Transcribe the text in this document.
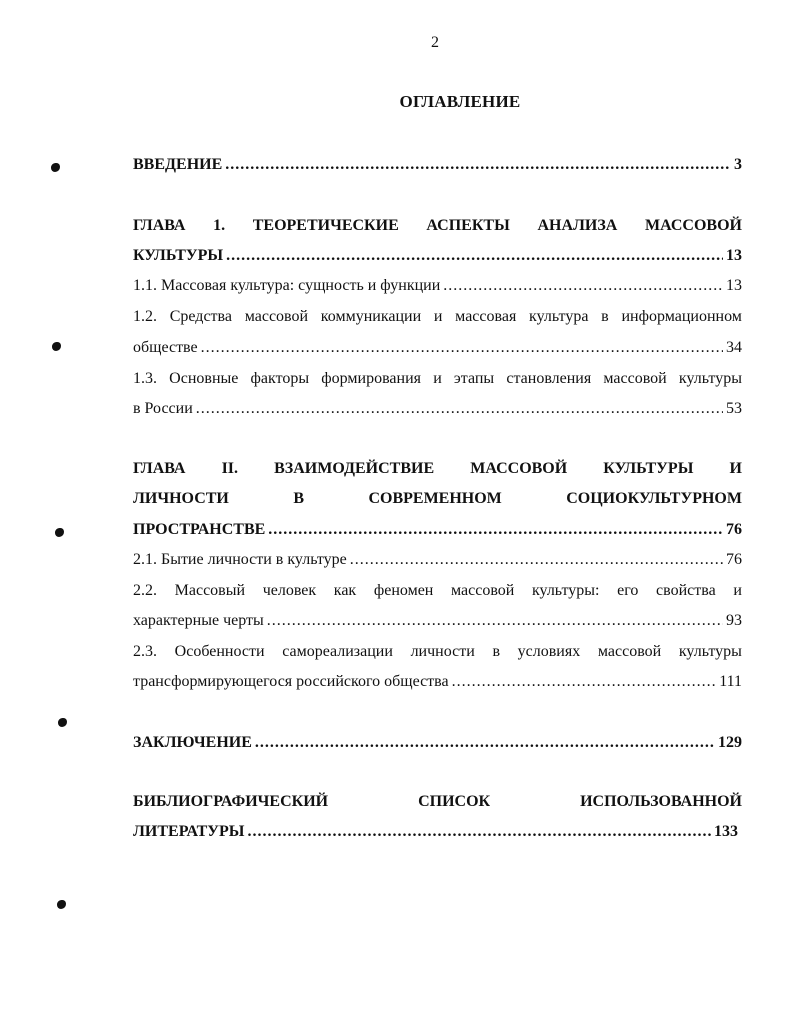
2
ОГЛАВЛЕНИЕ
ВВЕДЕНИЕ .....	3
ГЛАВА 1. ТЕОРЕТИЧЕСКИЕ АСПЕКТЫ АНАЛИЗА МАССОВОЙ
КУЛЬТУРЫ .....	13
1.1. Массовая культура: сущность и функции .....	13
1.2. Средства массовой коммуникации и массовая культура в информационном
обществе .....	34
1.3. Основные факторы формирования и этапы становления массовой культуры
в России .....	53
ГЛАВА II. ВЗАИМОДЕЙСТВИЕ МАССОВОЙ КУЛЬТУРЫ И
ЛИЧНОСТИ	В	СОВРЕМЕННОМ	СОЦИОКУЛЬТУРНОМ
ПРОСТРАНСТВЕ .....	76
2.1. Бытие личности в культуре .....	76
2.2. Массовый человек как феномен массовой культуры: его свойства и
характерные черты .....	93
2.3. Особенности самореализации личности в условиях массовой культуры
трансформирующегося российского общества .....	111
ЗАКЛЮЧЕНИЕ .....	129
БИБЛИОГРАФИЧЕСКИЙ	СПИСОК	ИСПОЛЬЗОВАННОЙ
ЛИТЕРАТУРЫ .....	133
